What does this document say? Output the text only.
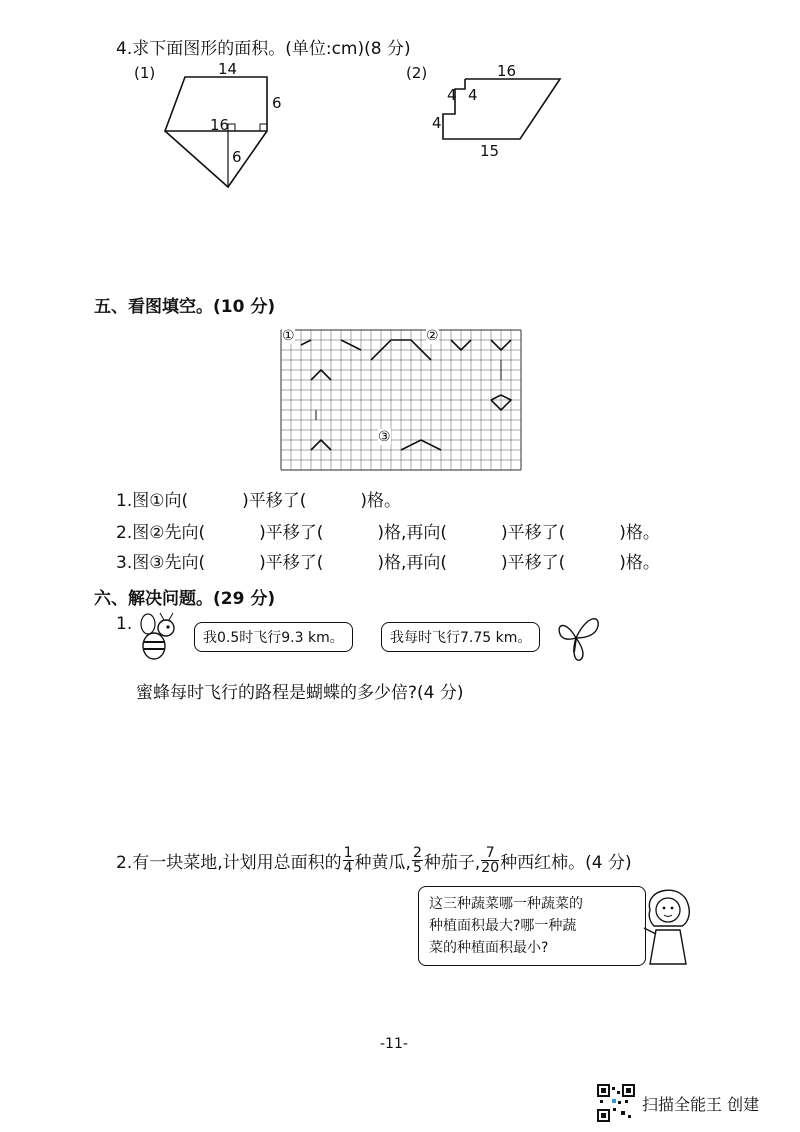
4.求下面图形的面积。(单位:cm)(8 分)
(1)	14
6
16
6
(2)	16
4 4
4
15
五、看图填空。(10 分)
①	②
③
1.图①向(	)平移了(	)格。
2.图②先向(	)平移了(	)格,再向(	)平移了(	)格。
3.图③先向(	)平移了(	)格,再向(	)平移了(	)格。
六、解决问题。(29 分)
1.
我0.5时飞行9.3 km。	我每时飞行7.75 km。
蜜蜂每时飞行的路程是蝴蝶的多少倍?(4 分)
2.有一块菜地,计划用总面积的 $\frac{1}{4}$ 种黄瓜, $\frac{2}{5}$ 种茄子, $\frac{7}{20}$ 种西红柿。(4 分)
这三种蔬菜哪一种蔬菜的
种植面积最大?哪一种蔬
菜的种植面积最小?
-11-
扫描全能王 创建
